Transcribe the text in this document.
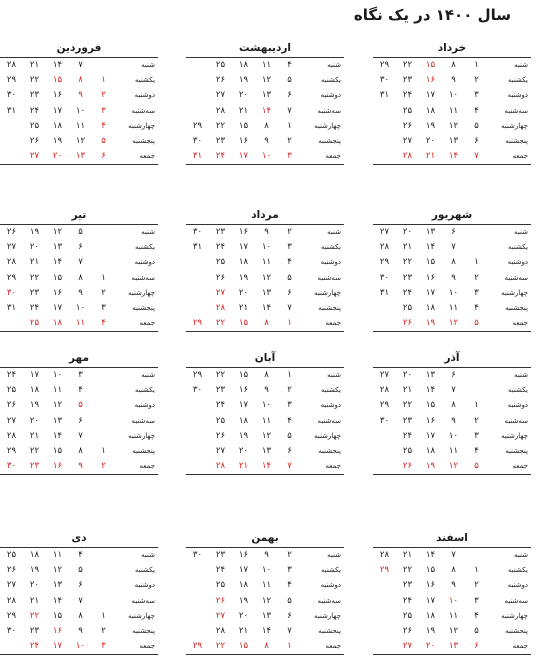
سال ۱۴۰۰ در یک نگاه
فروردین
شنبه		۷	۱۴	۲۱	۲۸
یکشنبه	۱	۸	۱۵	۲۲	۲۹
دوشنبه	۲	۹	۱۶	۲۳	۳۰
سه‌شنبه	۳	۱۰	۱۷	۲۴	۳۱
چهارشنبه	۴	۱۱	۱۸	۲۵	
پنجشنبه	۵	۱۲	۱۹	۲۶	
جمعه	۶	۱۳	۲۰	۲۷	
اردیبهشت
شنبه	۴	۱۱	۱۸	۲۵	
یکشنبه	۵	۱۲	۱۹	۲۶	
دوشنبه	۶	۱۳	۲۰	۲۷	
سه‌شنبه	۷	۱۴	۲۱	۲۸	
چهارشنبه	۱	۸	۱۵	۲۲	۲۹
پنجشنبه	۲	۹	۱۶	۲۳	۳۰
جمعه	۳	۱۰	۱۷	۲۴	۳۱
خرداد
شنبه	۱	۸	۱۵	۲۲	۲۹
یکشنبه	۲	۹	۱۶	۲۳	۳۰
دوشنبه	۳	۱۰	۱۷	۲۴	۳۱
سه‌شنبه	۴	۱۱	۱۸	۲۵	
چهارشنبه	۵	۱۲	۱۹	۲۶	
پنجشنبه	۶	۱۳	۲۰	۲۷	
جمعه	۷	۱۴	۲۱	۲۸	
تیر
شنبه		۵	۱۲	۱۹	۲۶
یکشنبه		۶	۱۳	۲۰	۲۷
دوشنبه		۷	۱۴	۲۱	۲۸
سه‌شنبه	۱	۸	۱۵	۲۲	۲۹
چهارشنبه	۲	۹	۱۶	۲۳	۳۰
پنجشنبه	۳	۱۰	۱۷	۲۴	۳۱
جمعه	۴	۱۱	۱۸	۲۵	
مرداد
شنبه	۲	۹	۱۶	۲۳	۳۰
یکشنبه	۳	۱۰	۱۷	۲۴	۳۱
دوشنبه	۴	۱۱	۱۸	۲۵	
سه‌شنبه	۵	۱۲	۱۹	۲۶	
چهارشنبه	۶	۱۳	۲۰	۲۷	
پنجشنبه	۷	۱۴	۲۱	۲۸	
جمعه	۱	۸	۱۵	۲۲	۲۹
شهریور
شنبه		۶	۱۳	۲۰	۲۷
یکشنبه		۷	۱۴	۲۱	۲۸
دوشنبه	۱	۸	۱۵	۲۲	۲۹
سه‌شنبه	۲	۹	۱۶	۲۳	۳۰
چهارشنبه	۳	۱۰	۱۷	۲۴	۳۱
پنجشنبه	۴	۱۱	۱۸	۲۵	
جمعه	۵	۱۲	۱۹	۲۶	
مهر
شنبه		۳	۱۰	۱۷	۲۴
یکشنبه		۴	۱۱	۱۸	۲۵
دوشنبه		۵	۱۲	۱۹	۲۶
سه‌شنبه		۶	۱۳	۲۰	۲۷
چهارشنبه		۷	۱۴	۲۱	۲۸
پنجشنبه	۱	۸	۱۵	۲۲	۲۹
جمعه	۲	۹	۱۶	۲۳	۳۰
آبان
شنبه	۱	۸	۱۵	۲۲	۲۹
یکشنبه	۲	۹	۱۶	۲۳	۳۰
دوشنبه	۳	۱۰	۱۷	۲۴	
سه‌شنبه	۴	۱۱	۱۸	۲۵	
چهارشنبه	۵	۱۲	۱۹	۲۶	
پنجشنبه	۶	۱۳	۲۰	۲۷	
جمعه	۷	۱۴	۲۱	۲۸	
آذر
شنبه		۶	۱۳	۲۰	۲۷
یکشنبه		۷	۱۴	۲۱	۲۸
دوشنبه	۱	۸	۱۵	۲۲	۲۹
سه‌شنبه	۲	۹	۱۶	۲۳	۳۰
چهارشنبه	۳	۱۰	۱۷	۲۴	
پنجشنبه	۴	۱۱	۱۸	۲۵	
جمعه	۵	۱۲	۱۹	۲۶	
دی
شنبه		۴	۱۱	۱۸	۲۵
یکشنبه		۵	۱۲	۱۹	۲۶
دوشنبه		۶	۱۳	۲۰	۲۷
سه‌شنبه		۷	۱۴	۲۱	۲۸
چهارشنبه	۱	۸	۱۵	۲۲	۲۹
پنجشنبه	۲	۹	۱۶	۲۳	۳۰
جمعه	۳	۱۰	۱۷	۲۴	
بهمن
شنبه	۲	۹	۱۶	۲۳	۳۰
یکشنبه	۳	۱۰	۱۷	۲۴	
دوشنبه	۴	۱۱	۱۸	۲۵	
سه‌شنبه	۵	۱۲	۱۹	۲۶	
چهارشنبه	۶	۱۳	۲۰	۲۷	
پنجشنبه	۷	۱۴	۲۱	۲۸	
جمعه	۱	۸	۱۵	۲۲	۲۹
اسفند
شنبه		۷	۱۴	۲۱	۲۸
یکشنبه	۱	۸	۱۵	۲۲	۲۹
دوشنبه	۲	۹	۱۶	۲۳	
سه‌شنبه	۳	۱۰	۱۷	۲۴	
چهارشنبه	۴	۱۱	۱۸	۲۵	
پنجشنبه	۵	۱۲	۱۹	۲۶	
جمعه	۶	۱۳	۲۰	۲۷	
